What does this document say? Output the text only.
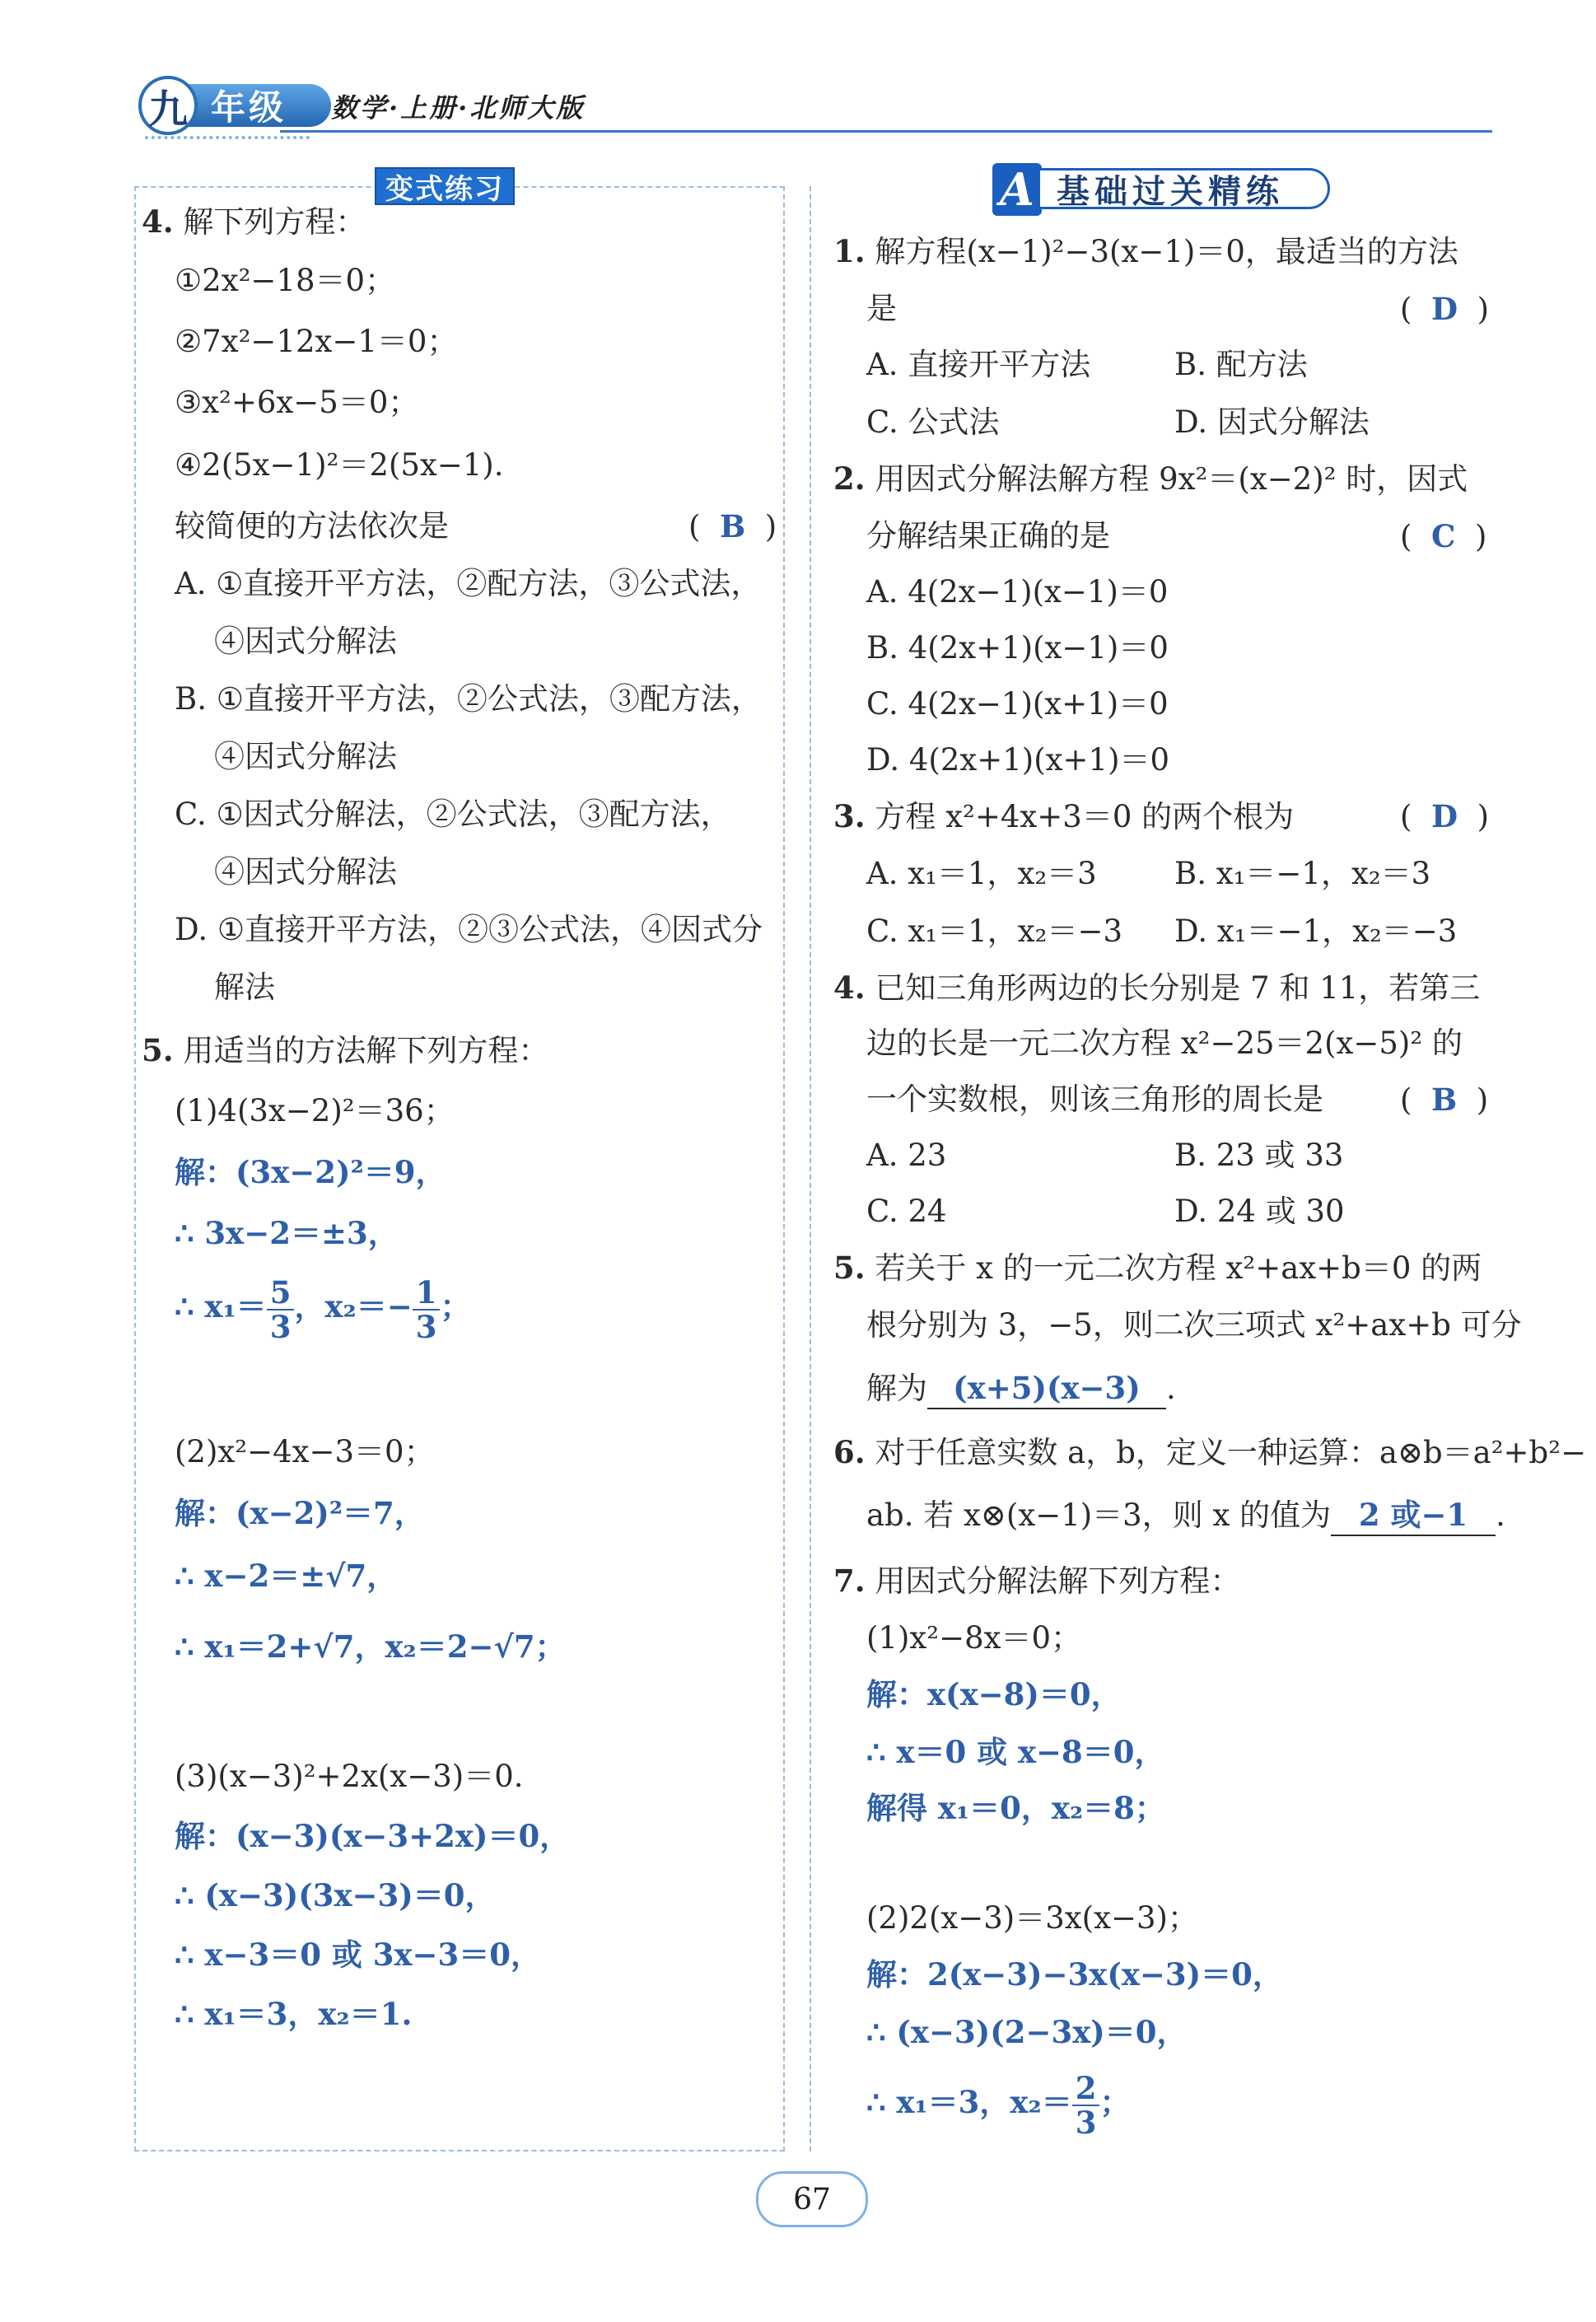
年级
九	数学·上册·北师大版
变式练习
4. 解下列方程：
①2x²−18＝0；
②7x²−12x−1＝0；
③x²+6x−5＝0；
④2(5x−1)²＝2(5x−1).
较简便的方法依次是	(  B  )
A. ①直接开平方法，②配方法，③公式法，
④因式分解法
B. ①直接开平方法，②公式法，③配方法，
④因式分解法
C. ①因式分解法，②公式法，③配方法，
④因式分解法
D. ①直接开平方法，②③公式法，④因式分
解法
5. 用适当的方法解下列方程：
(1)4(3x−2)²＝36；
解：(3x−2)²＝9，
∴ 3x−2＝±3，
∴ $x_1= \frac{5}{3}$ ，$x_2=- \frac{1}{3}$ ；
(2)x²−4x−3＝0；
解：(x−2)²＝7，
∴ x−2＝±√7，
∴ x₁＝2+√7，x₂＝2−√7；
(3)(x−3)²+2x(x−3)＝0.
解：(x−3)(x−3+2x)＝0，
∴ (x−3)(3x−3)＝0，
∴ x−3＝0 或 3x−3＝0，
∴ x₁＝3，x₂＝1.
A 基础过关精练
1. 解方程(x−1)²−3(x−1)＝0，最适当的方法
是	(  D  )
A. 直接开平方法	B. 配方法
C. 公式法	D. 因式分解法
2. 用因式分解法解方程 9x²＝(x−2)² 时，因式
分解结果正确的是	(  C  )
A. 4(2x−1)(x−1)＝0
B. 4(2x+1)(x−1)＝0
C. 4(2x−1)(x+1)＝0
D. 4(2x+1)(x+1)＝0
3. 方程 x²+4x+3＝0 的两个根为	(  D  )
A. x₁＝1，x₂＝3	B. x₁＝−1，x₂＝3
C. x₁＝1，x₂＝−3 D. x₁＝−1，x₂＝−3
4. 已知三角形两边的长分别是 7 和 11，若第三
边的长是一元二次方程 x²−25＝2(x−5)² 的
一个实数根，则该三角形的周长是	(  B  )
A. 23	B. 23 或 33
C. 24	D. 24 或 30
5. 若关于 x 的一元二次方程 x²+ax+b＝0 的两
根分别为 3，−5，则二次三项式 x²+ax+b 可分
解为 (x+5)(x−3) .
6. 对于任意实数 a，b，定义一种运算：a⊗b＝a²+b²−
ab. 若 x⊗(x−1)＝3，则 x 的值为 2 或−1 .
7. 用因式分解法解下列方程：
(1)x²−8x＝0；
解：x(x−8)＝0，
∴ x＝0 或 x−8＝0，
解得 x₁＝0，x₂＝8；
(2)2(x−3)＝3x(x−3)；
解：2(x−3)−3x(x−3)＝0，
∴ (x−3)(2−3x)＝0，
∴ x₁＝3，$x_2= \frac{2}{3}$ ；
67
